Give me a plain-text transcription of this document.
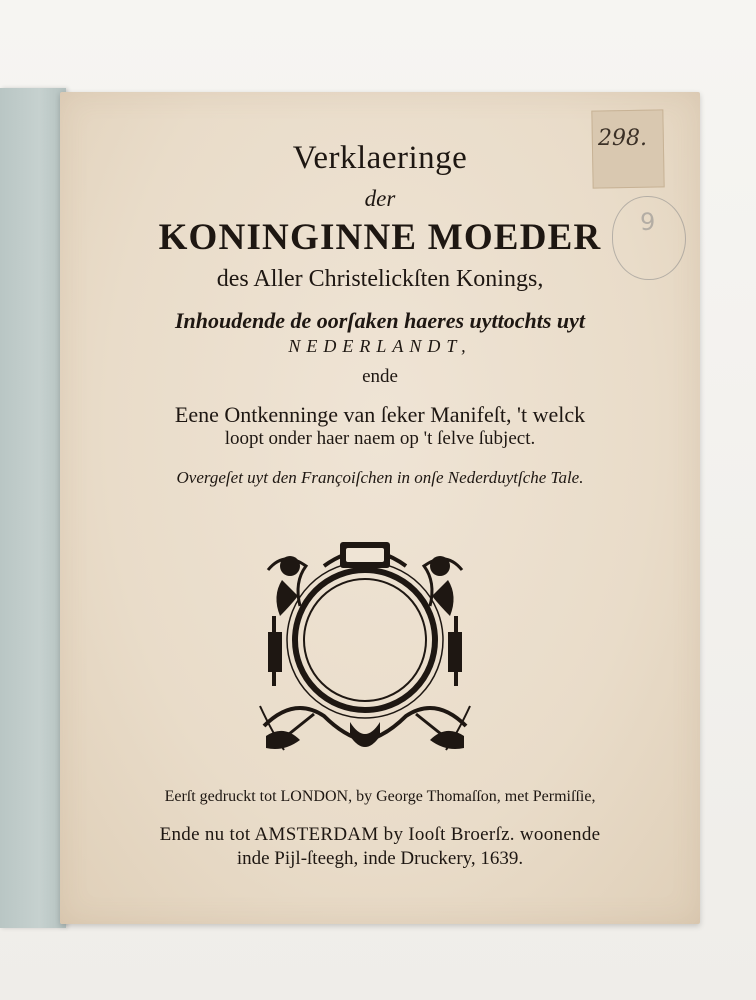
298.
9
Verklaeringe
der
KONINGINNE MOEDER
des Aller Christelickſten Konings,
Inhoudende de oorſaken haeres uyttochts uyt
NEDERLANDT,
ende
Eene Ontkenninge van ſeker Manifeſt, 't welck
loopt onder haer naem op 't ſelve ſubject.
Overgeſet uyt den Françoiſchen in onſe Nederduytſche Tale.
Eerſt gedruckt tot LONDON, by George Thomaſſon, met Permiſſie,
Ende nu tot AMSTERDAM by Iooſt Broerſz. woonende
inde Pijl-ſteegh, inde Druckery, 1639.
